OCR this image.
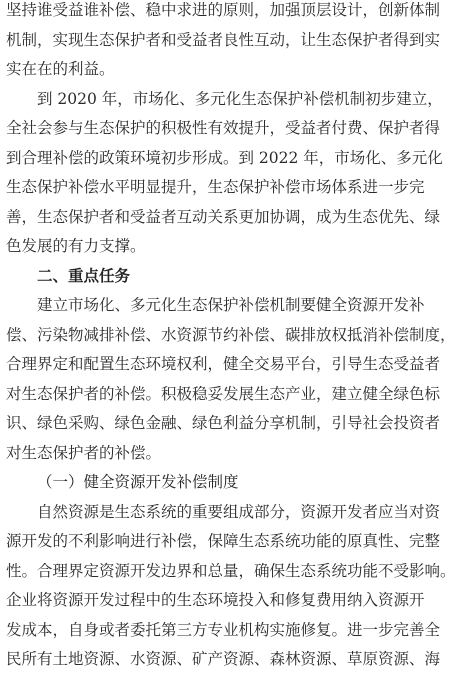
坚持谁受益谁补偿、稳中求进的原则，加强顶层设计，创新体制
机制，实现生态保护者和受益者良性互动，让生态保护者得到实
实在在的利益。

到 2020 年，市场化、多元化生态保护补偿机制初步建立，
全社会参与生态保护的积极性有效提升，受益者付费、保护者得
到合理补偿的政策环境初步形成。到 2022 年，市场化、多元化
生态保护补偿水平明显提升，生态保护补偿市场体系进一步完
善，生态保护者和受益者互动关系更加协调，成为生态优先、绿
色发展的有力支撑。

二、重点任务

建立市场化、多元化生态保护补偿机制要健全资源开发补
偿、污染物减排补偿、水资源节约补偿、碳排放权抵消补偿制度，
合理界定和配置生态环境权利，健全交易平台，引导生态受益者
对生态保护者的补偿。积极稳妥发展生态产业，建立健全绿色标
识、绿色采购、绿色金融、绿色利益分享机制，引导社会投资者
对生态保护者的补偿。

（一）健全资源开发补偿制度

自然资源是生态系统的重要组成部分，资源开发者应当对资
源开发的不利影响进行补偿，保障生态系统功能的原真性、完整
性。合理界定资源开发边界和总量，确保生态系统功能不受影响。
企业将资源开发过程中的生态环境投入和修复费用纳入资源开
发成本，自身或者委托第三方专业机构实施修复。进一步完善全
民所有土地资源、水资源、矿产资源、森林资源、草原资源、海
